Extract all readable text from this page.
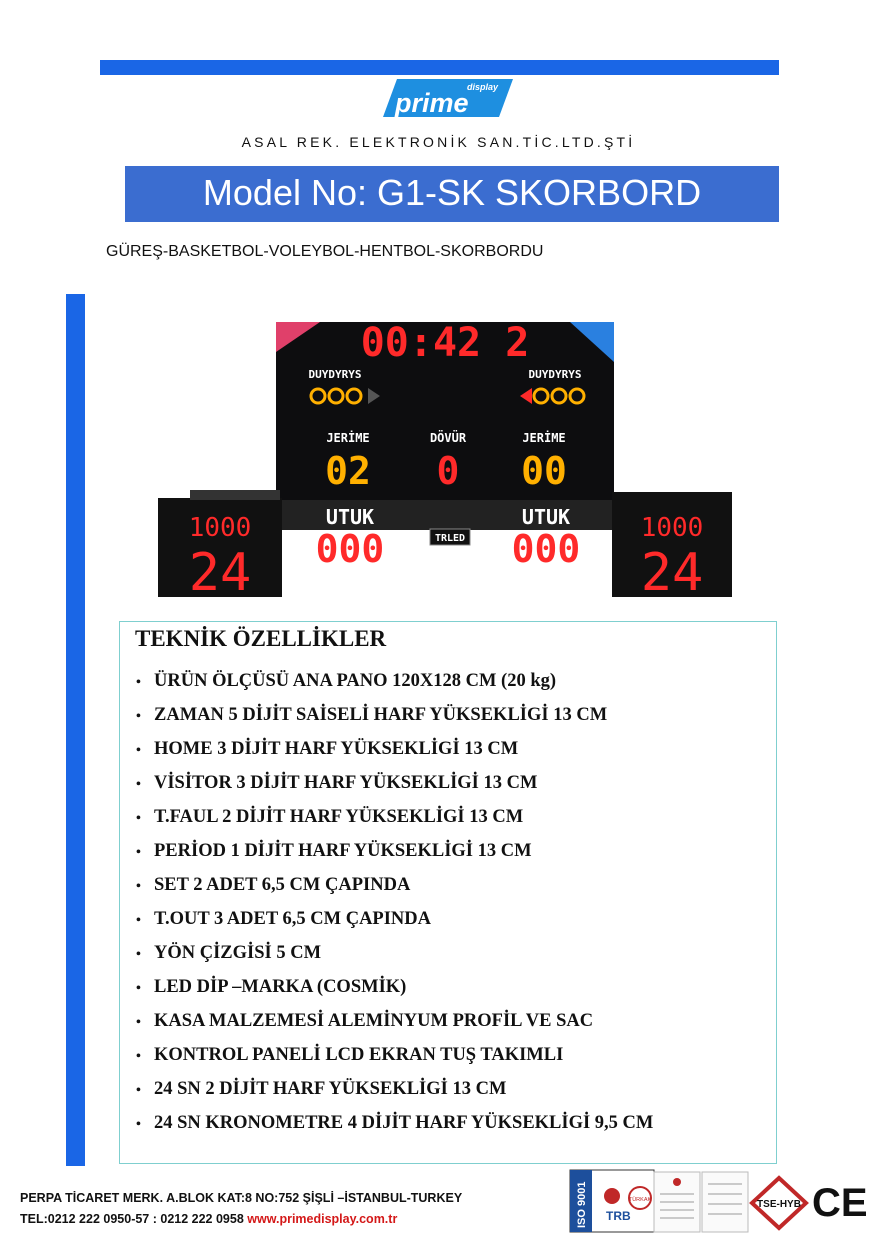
display
prime
ASAL REK. ELEKTRONİK SAN.TİC.LTD.ŞTİ
Model No: G1-SK SKORBORD
GÜREŞ-BASKETBOL-VOLEYBOL-HENTBOL-SKORBORDU
00:42 2
DUYDYRYS	DUYDYRYS
JERİME
02
DÖVÜR
0
JERİME
00
UTUK
000
UTUK
000
TRLED
1000
24
1000
24
TEKNİK ÖZELLİKLER
• ÜRÜN ÖLÇÜSÜ ANA PANO 120X128 CM (20 kg)
• ZAMAN 5 DİJİT SAİSELİ HARF YÜKSEKLİGİ 13 CM
• HOME 3 DİJİT HARF YÜKSEKLİGİ 13 CM
• VİSİTOR 3 DİJİT HARF YÜKSEKLİGİ 13 CM
• T.FAUL 2 DİJİT HARF YÜKSEKLİGİ 13 CM
• PERİOD 1 DİJİT HARF YÜKSEKLİGİ 13 CM
• SET 2 ADET 6,5 CM ÇAPINDA
• T.OUT 3 ADET 6,5 CM ÇAPINDA
• YÖN ÇİZGİSİ 5 CM
• LED DİP –MARKA (COSMİK)
• KASA MALZEMESİ ALEMİNYUM PROFİL VE SAC
• KONTROL PANELİ LCD EKRAN TUŞ TAKIMLI
• 24 SN 2 DİJİT HARF YÜKSEKLİGİ 13 CM
• 24 SN KRONOMETRE 4 DİJİT HARF YÜKSEKLİGİ 9,5 CM
PERPA TİCARET MERK. A.BLOK KAT:8 NO:752 ŞİŞLİ –İSTANBUL-TURKEY
TEL:0212 222 0950-57 : 0212 222 0958 www.primedisplay.com.tr	ISO 9001 TRB
TÜRKAK	TSE-HYB CE
